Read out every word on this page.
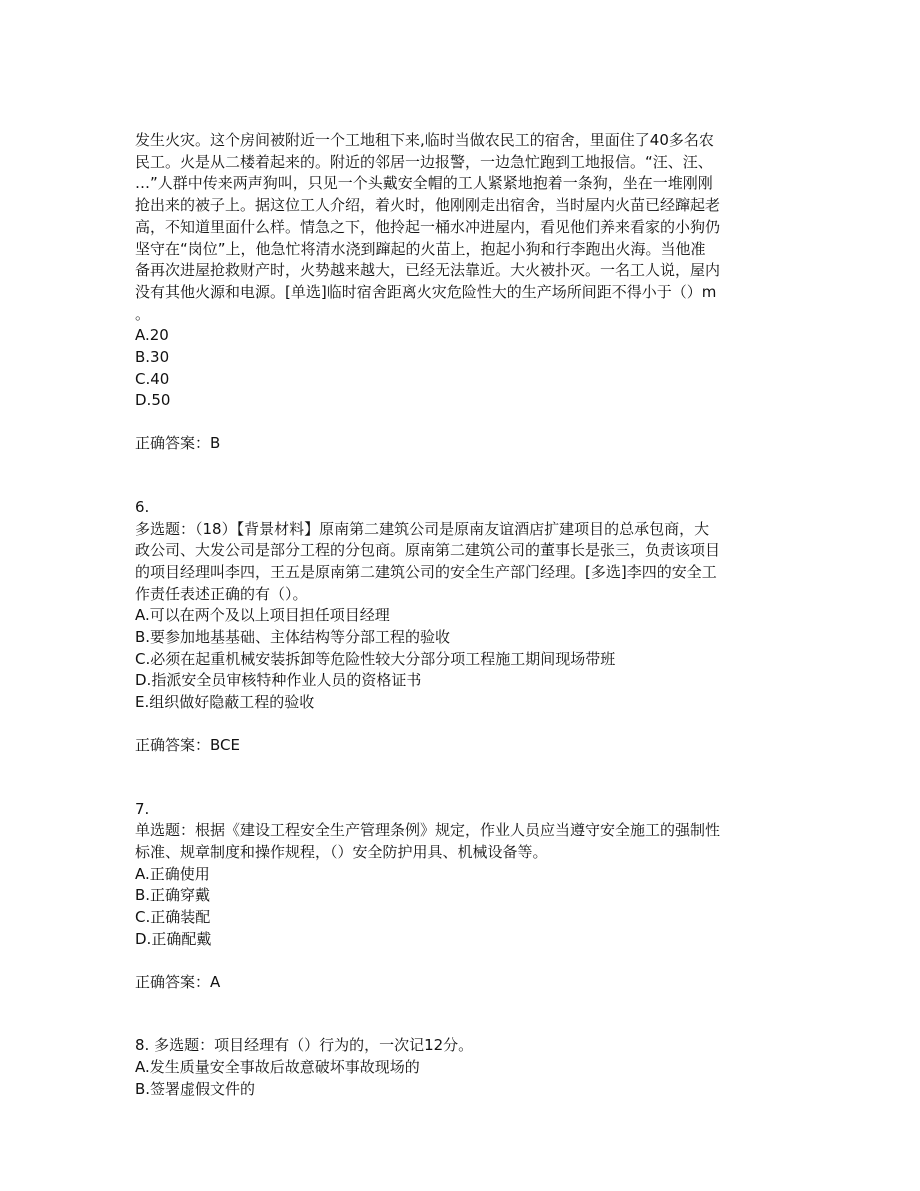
发生火灾。这个房间被附近一个工地租下来,临时当做农民工的宿舍，里面住了40多名农
民工。火是从二楼着起来的。附近的邻居一边报警，一边急忙跑到工地报信。“汪、汪、
…”人群中传来两声狗叫，只见一个头戴安全帽的工人紧紧地抱着一条狗，坐在一堆刚刚
抢出来的被子上。据这位工人介绍，着火时，他刚刚走出宿舍，当时屋内火苗已经蹿起老
高，不知道里面什么样。情急之下，他拎起一桶水冲进屋内，看见他们养来看家的小狗仍
坚守在“岗位”上，他急忙将清水浇到蹿起的火苗上，抱起小狗和行李跑出火海。当他准
备再次进屋抢救财产时，火势越来越大，已经无法靠近。大火被扑灭。一名工人说，屋内
没有其他火源和电源。[单选]临时宿舍距离火灾危险性大的生产场所间距不得小于（）m
。
A.20
B.30
C.40
D.50
正确答案：B
6.
多选题：（18）【背景材料】原南第二建筑公司是原南友谊酒店扩建项目的总承包商，大
政公司、大发公司是部分工程的分包商。原南第二建筑公司的董事长是张三，负责该项目
的项目经理叫李四，王五是原南第二建筑公司的安全生产部门经理。[多选]李四的安全工
作责任表述正确的有（）。
A.可以在两个及以上项目担任项目经理
B.要参加地基基础、主体结构等分部工程的验收
C.必须在起重机械安装拆卸等危险性较大分部分项工程施工期间现场带班
D.指派安全员审核特种作业人员的资格证书
E.组织做好隐蔽工程的验收
正确答案：BCE
7.
单选题：根据《建设工程安全生产管理条例》规定，作业人员应当遵守安全施工的强制性
标准、规章制度和操作规程，（）安全防护用具、机械设备等。
A.正确使用
B.正确穿戴
C.正确装配
D.正确配戴
正确答案：A
8. 多选题：项目经理有（）行为的，一次记12分。
A.发生质量安全事故后故意破坏事故现场的
B.签署虚假文件的
